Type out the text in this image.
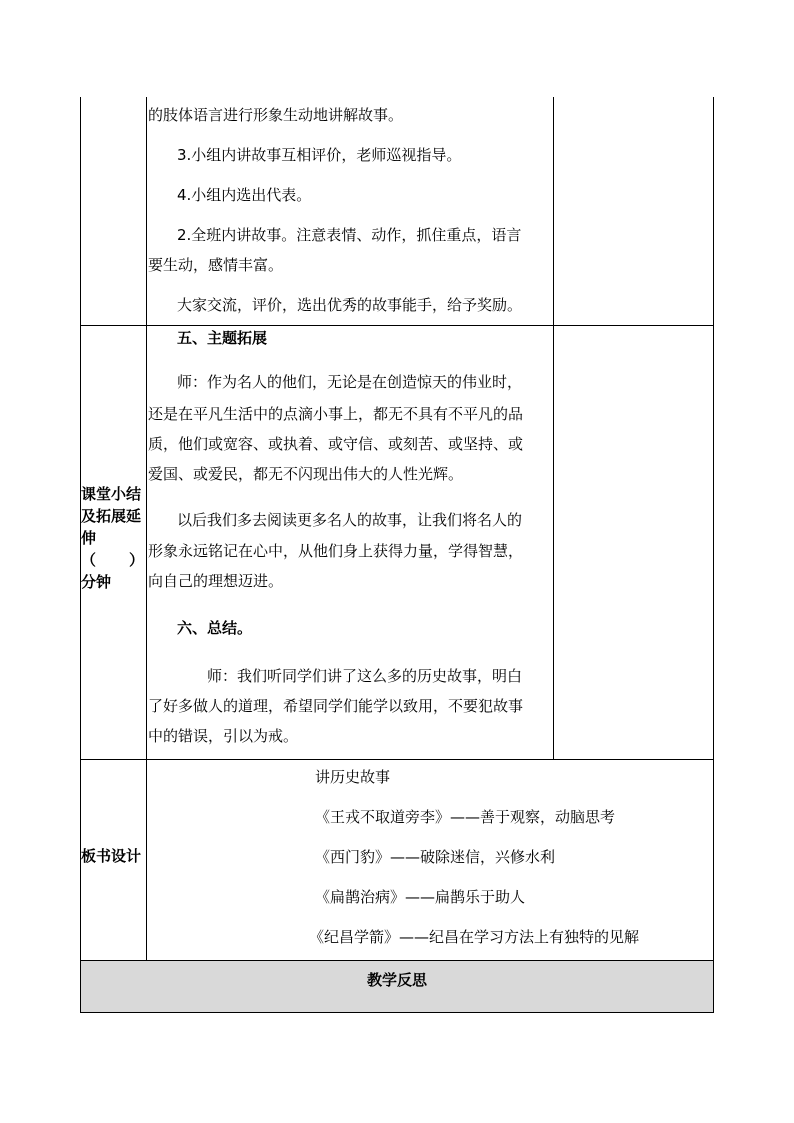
的肢体语言进行形象生动地讲解故事。
3.小组内讲故事互相评价，老师巡视指导。
4.小组内选出代表。
2.全班内讲故事。注意表情、动作，抓住重点，语言
要生动，感情丰富。
大家交流，评价，选出优秀的故事能手，给予奖励。
课堂小结
及拓展延
伸
（　　）
分钟
五、主题拓展
师：作为名人的他们，无论是在创造惊天的伟业时，
还是在平凡生活中的点滴小事上，都无不具有不平凡的品
质，他们或宽容、或执着、或守信、或刻苦、或坚持、或
爱国、或爱民，都无不闪现出伟大的人性光辉。
以后我们多去阅读更多名人的故事，让我们将名人的
形象永远铭记在心中，从他们身上获得力量，学得智慧，
向自己的理想迈进。
六、总结。
师：我们听同学们讲了这么多的历史故事，明白
了好多做人的道理，希望同学们能学以致用，不要犯故事
中的错误，引以为戒。
板书设计
讲历史故事
《王戎不取道旁李》——善于观察，动脑思考
《西门豹》——破除迷信，兴修水利
《扁鹊治病》——扁鹊乐于助人
《纪昌学箭》——纪昌在学习方法上有独特的见解
教学反思
